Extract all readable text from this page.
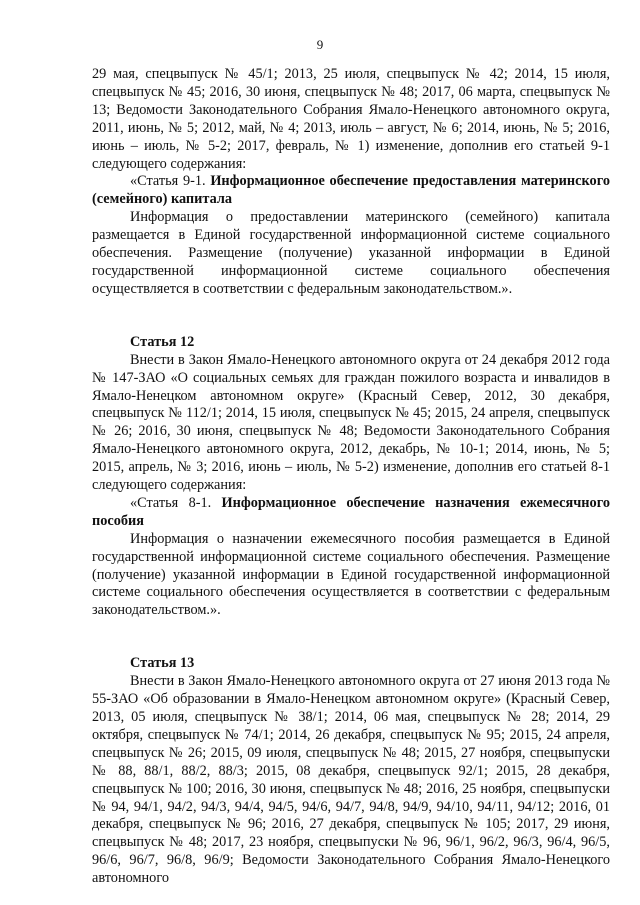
9

29 мая, спецвыпуск № 45/1; 2013, 25 июля, спецвыпуск № 42; 2014, 15 июля, спецвыпуск № 45; 2016, 30 июня, спецвыпуск № 48; 2017, 06 марта, спецвыпуск № 13; Ведомости Законодательного Собрания Ямало-Ненецкого автономного округа, 2011, июнь, № 5; 2012, май, № 4; 2013, июль – август, № 6; 2014, июнь, № 5; 2016, июнь – июль, № 5-2; 2017, февраль, № 1) изменение, дополнив его статьей 9-1 следующего содержания:

«Статья 9-1. Информационное обеспечение предоставления материнского (семейного) капитала

Информация о предоставлении материнского (семейного) капитала размещается в Единой государственной информационной системе социального обеспечения. Размещение (получение) указанной информации в Единой государственной информационной системе социального обеспечения осуществляется в соответствии с федеральным законодательством.».

Статья 12

Внести в Закон Ямало-Ненецкого автономного округа от 24 декабря 2012 года № 147-ЗАО «О социальных семьях для граждан пожилого возраста и инвалидов в Ямало-Ненецком автономном округе» (Красный Север, 2012, 30 декабря, спецвыпуск № 112/1; 2014, 15 июля, спецвыпуск № 45; 2015, 24 апреля, спецвыпуск № 26; 2016, 30 июня, спецвыпуск № 48; Ведомости Законодательного Собрания Ямало-Ненецкого автономного округа, 2012, декабрь, № 10-1; 2014, июнь, № 5; 2015, апрель, № 3; 2016, июнь – июль, № 5-2) изменение, дополнив его статьей 8-1 следующего содержания:

«Статья 8-1. Информационное обеспечение назначения ежемесячного пособия

Информация о назначении ежемесячного пособия размещается в Единой государственной информационной системе социального обеспечения. Размещение (получение) указанной информации в Единой государственной информационной системе социального обеспечения осуществляется в соответствии с федеральным законодательством.».

Статья 13

Внести в Закон Ямало-Ненецкого автономного округа от 27 июня 2013 года № 55-ЗАО «Об образовании в Ямало-Ненецком автономном округе» (Красный Север, 2013, 05 июля, спецвыпуск № 38/1; 2014, 06 мая, спецвыпуск № 28; 2014, 29 октября, спецвыпуск № 74/1; 2014, 26 декабря, спецвыпуск № 95; 2015, 24 апреля, спецвыпуск № 26; 2015, 09 июля, спецвыпуск № 48; 2015, 27 ноября, спецвыпуски № 88, 88/1, 88/2, 88/3; 2015, 08 декабря, спецвыпуск 92/1; 2015, 28 декабря, спецвыпуск № 100; 2016, 30 июня, спецвыпуск № 48; 2016, 25 ноября, спецвыпуски № 94, 94/1, 94/2, 94/3, 94/4, 94/5, 94/6, 94/7, 94/8, 94/9, 94/10, 94/11, 94/12; 2016, 01 декабря, спецвыпуск № 96; 2016, 27 декабря, спецвыпуск № 105; 2017, 29 июня, спецвыпуск № 48; 2017, 23 ноября, спецвыпуски № 96, 96/1, 96/2, 96/3, 96/4, 96/5, 96/6, 96/7, 96/8, 96/9; Ведомости Законодательного Собрания Ямало-Ненецкого автономного
